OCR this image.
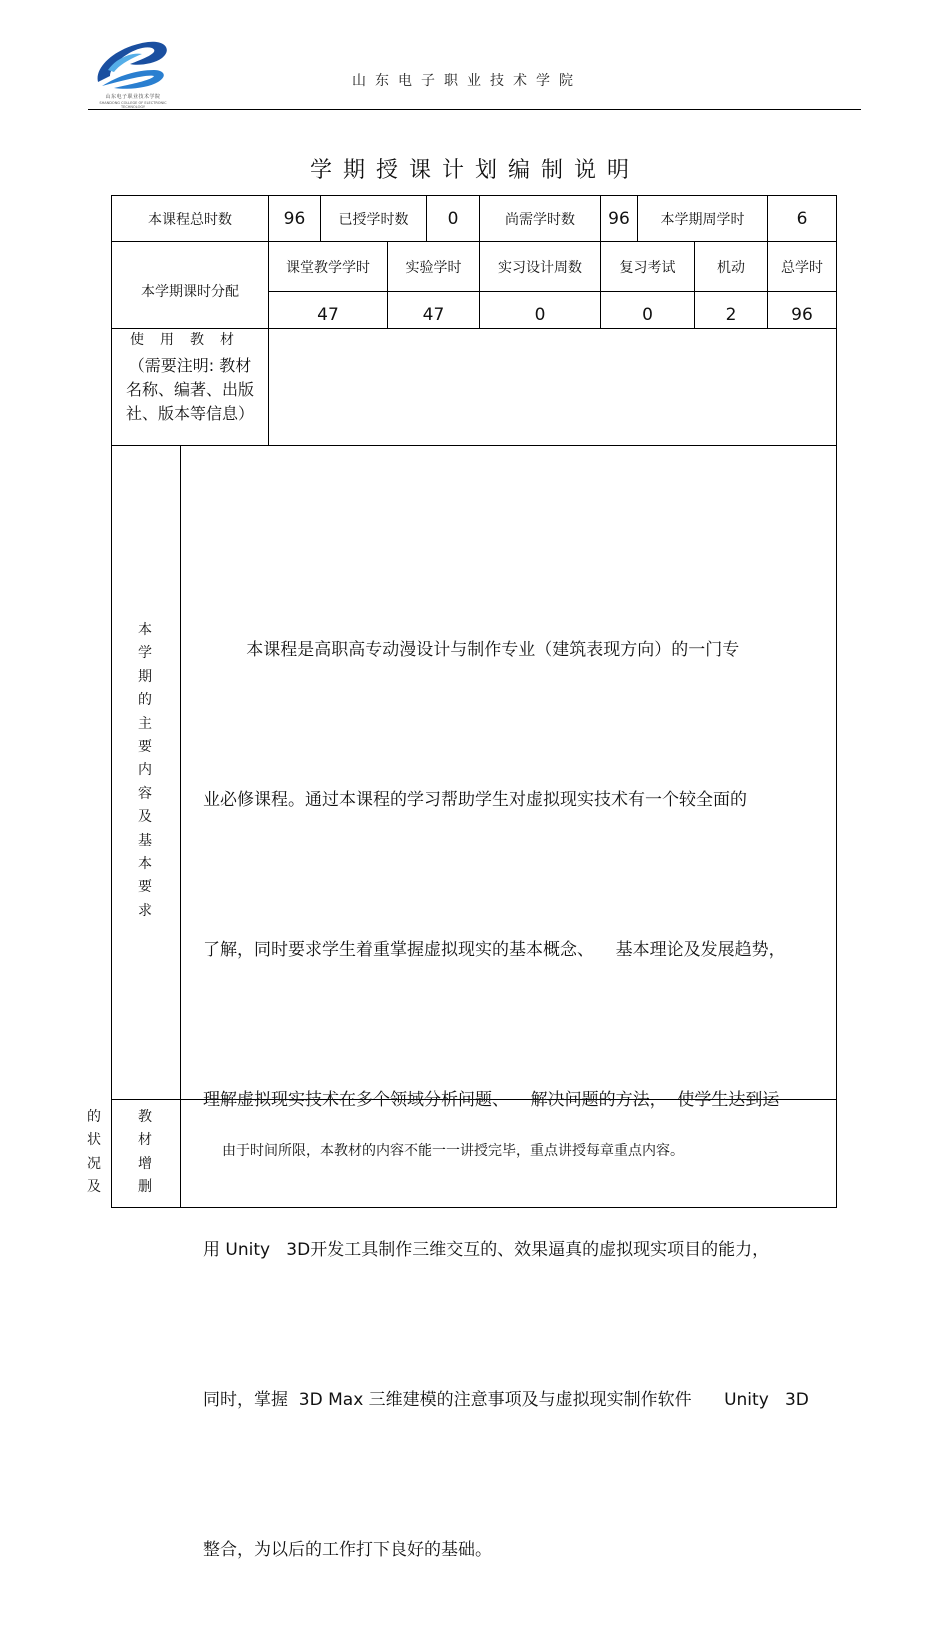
山东电子职业技术学院
SHANDONG COLLEGE OF ELECTRONIC TECHNOLOGY
山东电子职业技术学院
学期授课计划编制说明
本课程总时数	96	已授学时数	0	尚需学时数	96	本学期周学时	6
本学期课时分配
课堂教学学时	实验学时	实习设计周数	复习考试	机动	总学时
47	47	0	0	2	96
使用教材
（需要注明: 教材
名称、编著、出版
社、版本等信息）
本学期的主要内容及基本要求

本课程是高职高专动漫设计与制作专业（建筑表现方向）的一门专

业必修课程。通过本课程的学习帮助学生对虚拟现实技术有一个较全面的

了解，同时要求学生着重掌握虚拟现实的基本概念、    基本理论及发展趋势，

理解虚拟现实技术在多个领域分析问题、    解决问题的方法，  使学生达到运

用 Unity   3D开发工具制作三维交互的、效果逼真的虚拟现实项目的能力，

同时，掌握  3D Max 三维建模的注意事项及与虚拟现实制作软件      Unity   3D

整合，为以后的工作打下良好的基础。

的状况及
教材增删
由于时间所限，本教材的内容不能一一讲授完毕，重点讲授每章重点内容。
